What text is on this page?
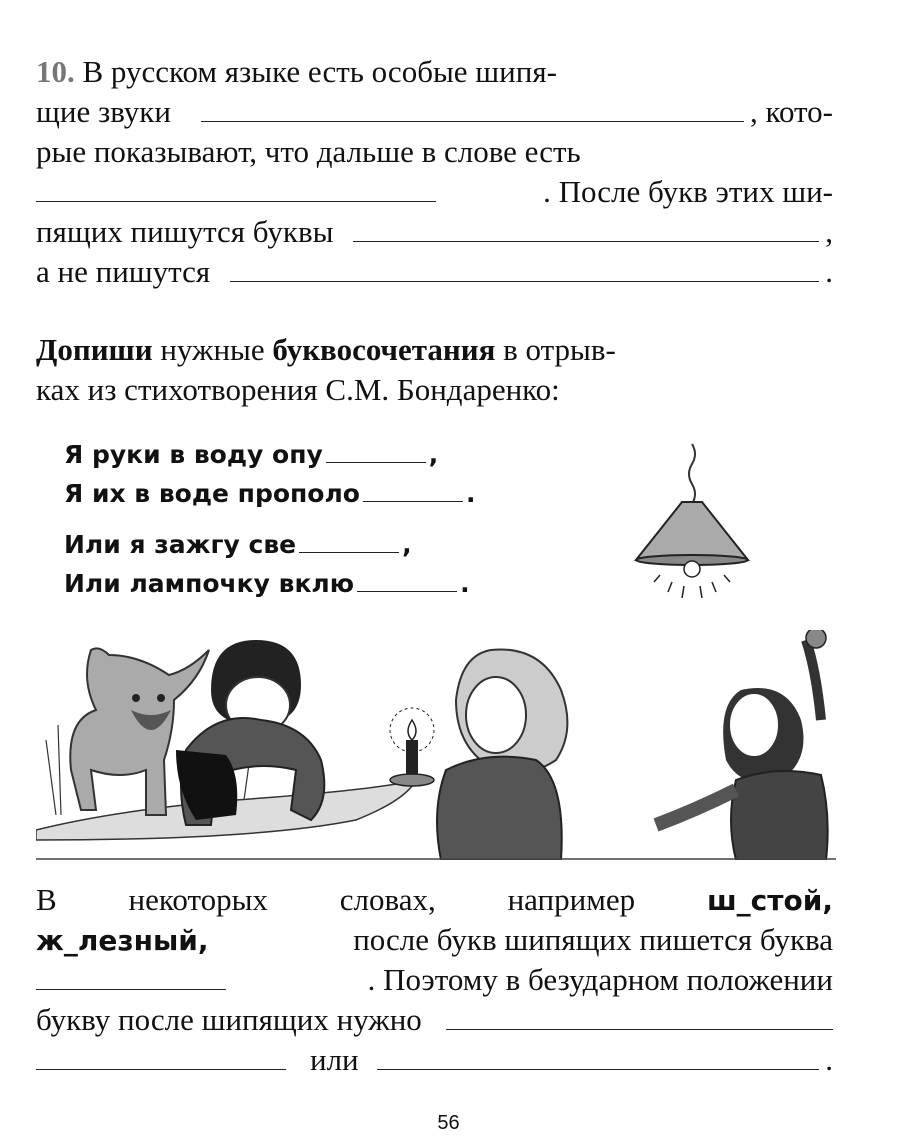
10. В русском языке есть особые шипя-
щие звуки	, кото-
рые показывают, что дальше в слове есть
. После букв этих ши-
пящих пишутся буквы	,
а не пишутся	.
Допиши нужные буквосочетания в отрыв-
ках из стихотворения С.М. Бондаренко:
Я руки в воду опу	,
Я их в воде прополо	.
Или я зажгу све	,
Или лампочку вклю	.
В некоторых словах, например	ш_стой,
ж_лезный,	после букв шипящих пишется буква
. Поэтому в безударном положении
букву после шипящих нужно
или	.
56
